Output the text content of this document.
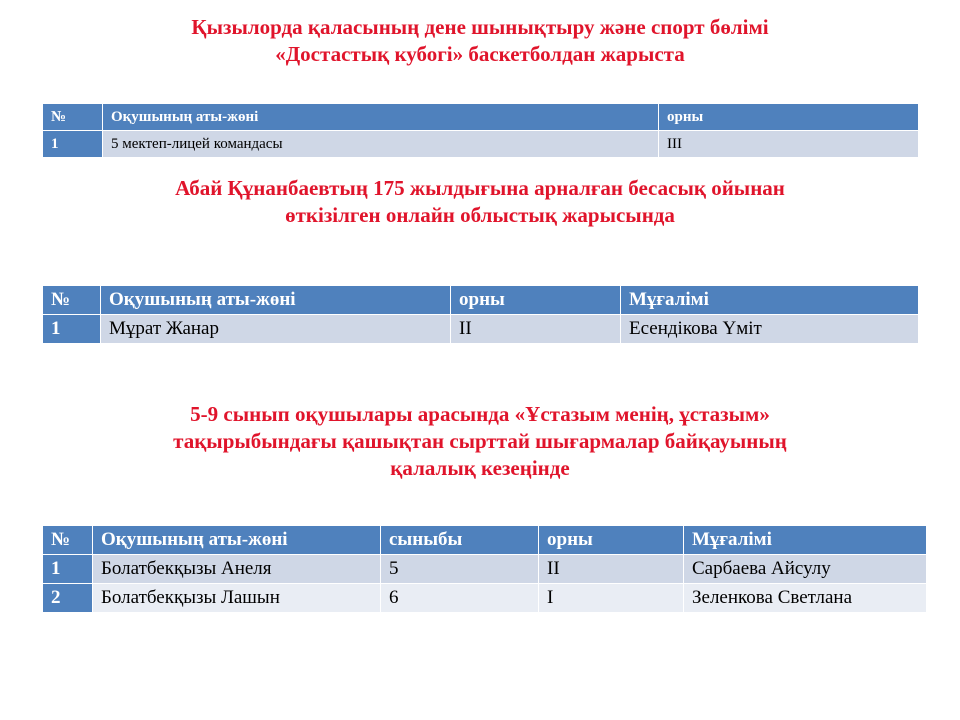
Қызылорда қаласының дене шынықтыру және спорт бөлімі
«Достастық кубогі» баскетболдан жарыста
№	Оқушының аты-жөні	орны
1	5 мектеп-лицей командасы	III
Абай Құнанбаевтың 175 жылдығына арналған бесасық ойынан
өткізілген онлайн облыстық жарысында
№	Оқушының аты-жөні	орны	Мұғалімі
1	Мұрат Жанар	II	Есендікова Үміт
5-9 сынып оқушылары арасында «Ұстазым менің, ұстазым»
тақырыбындағы қашықтан сырттай шығармалар байқауының
қалалық кезеңінде
№	Оқушының аты-жөні	сыныбы	орны	Мұғалімі
1	Болатбекқызы Анеля	5	II	Сарбаева Айсулу
2	Болатбекқызы Лашын	6	I	Зеленкова Светлана
